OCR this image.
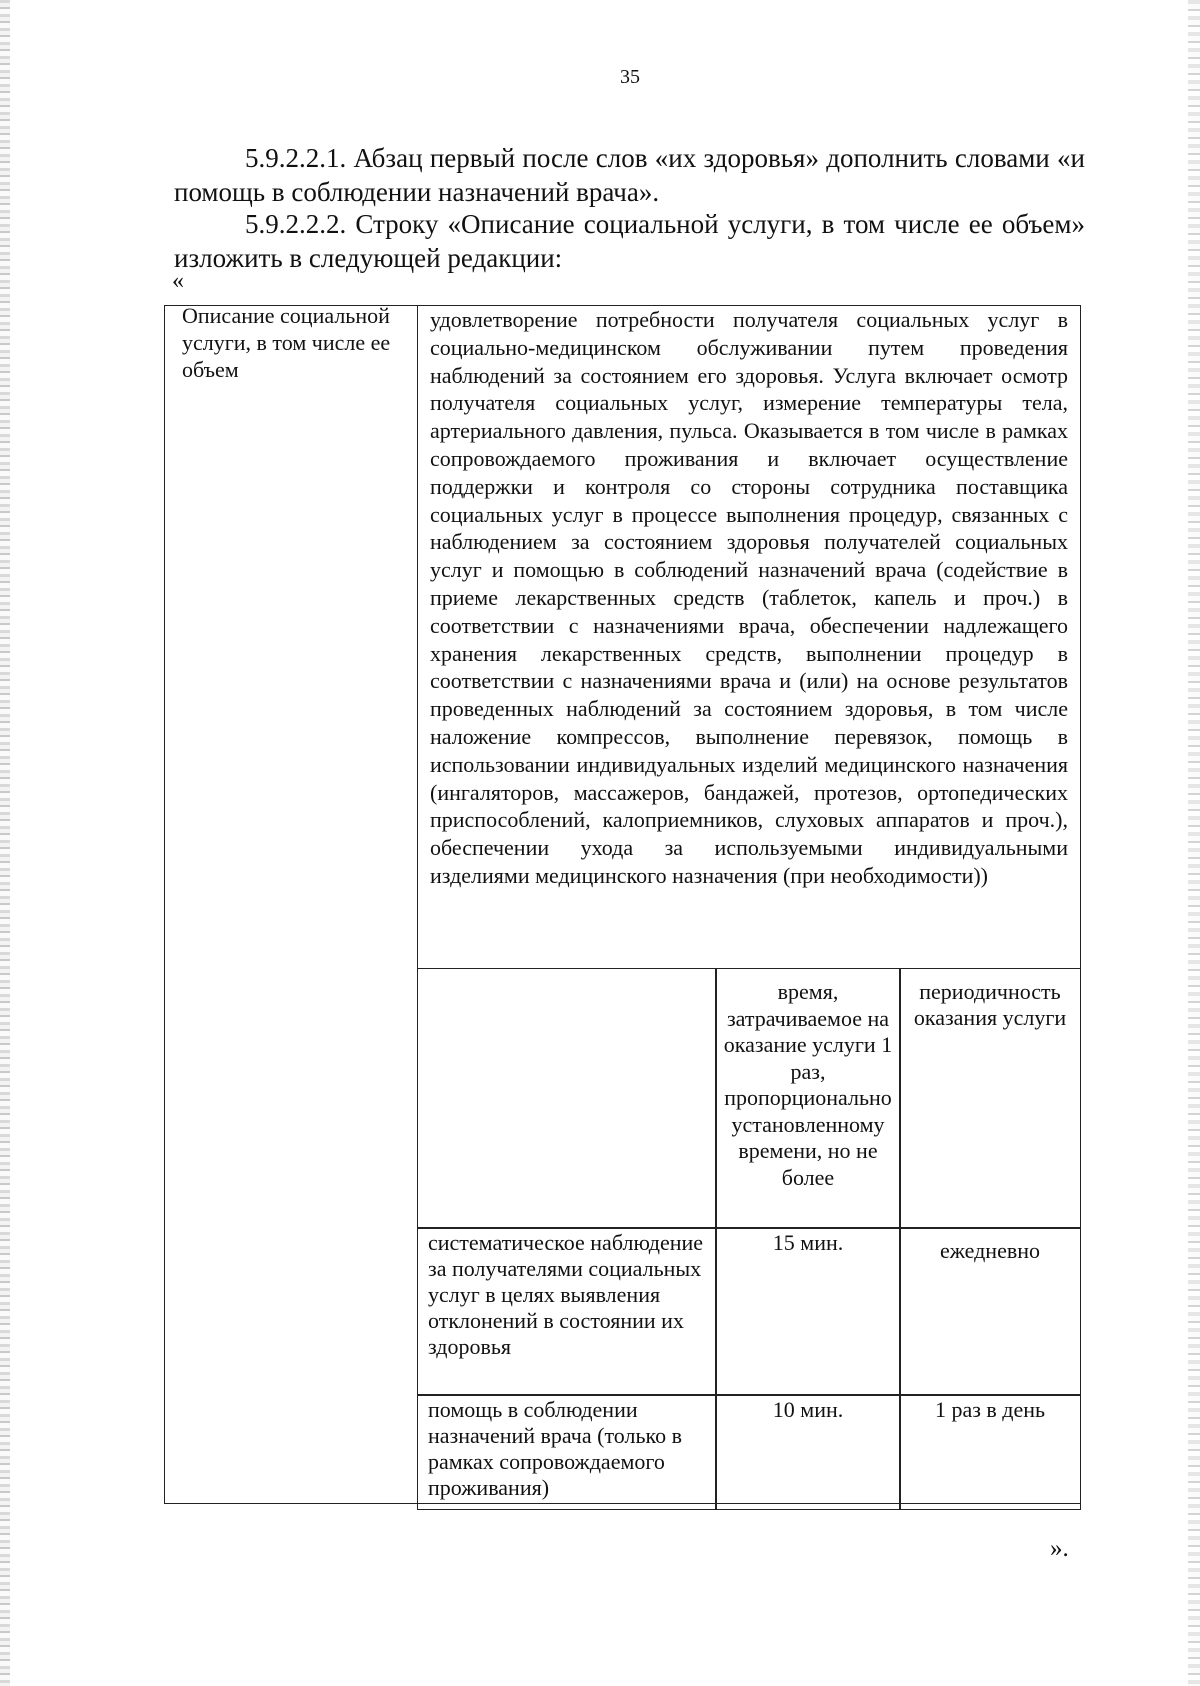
35

5.9.2.2.1. Абзац первый после слов «их здоровья» дополнить словами «и помощь в соблюдении назначений врача».

5.9.2.2.2. Строку «Описание социальной услуги, в том числе ее объем» изложить в следующей редакции:

«
Описание социальной услуги, в том числе ее объем

удовлетворение потребности получателя социальных услуг в социально-медицинском обслуживании путем проведения наблюдений за состоянием его здоровья. Услуга включает осмотр получателя социальных услуг, измерение температуры тела, артериального давления, пульса. Оказывается в том числе в рамках сопровождаемого проживания и включает осуществление поддержки и контроля со стороны сотрудника поставщика социальных услуг в процессе выполнения процедур, связанных с наблюдением за состоянием здоровья получателей социальных услуг и помощью в соблюдений назначений врача (содействие в приеме лекарственных средств (таблеток, капель и проч.) в соответствии с назначениями врача, обеспечении надлежащего хранения лекарственных средств, выполнении процедур в соответствии с назначениями врача и (или) на основе результатов проведенных наблюдений за состоянием здоровья, в том числе наложение компрессов, выполнение перевязок, помощь в использовании индивидуальных изделий медицинского назначения (ингаляторов, массажеров, бандажей, протезов, ортопедических приспособлений, калоприемников, слуховых аппаратов и проч.), обеспечении ухода за используемыми индивидуальными изделиями медицинского назначения (при необходимости))

время, затрачиваемое на оказание услуги 1 раз, пропорционально установленному времени, но не более
периодичность оказания услуги
систематическое наблюдение за получателями социальных услуг в целях выявления отклонений в состоянии их здоровья
15 мин.	ежедневно
помощь в соблюдении назначений врача (только в рамках сопровождаемого проживания)
10 мин.	1 раз в день
».
